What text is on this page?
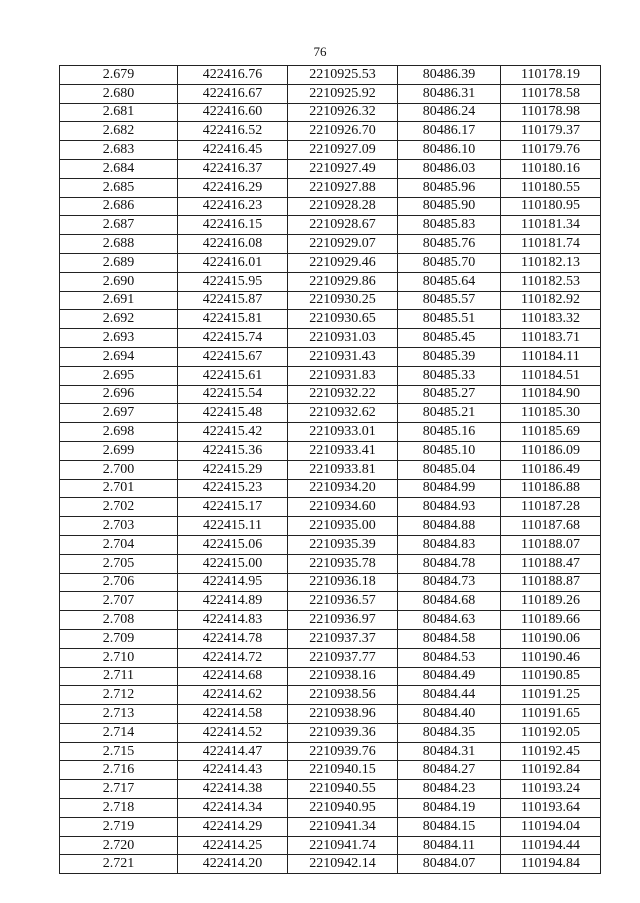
76
2.679	422416.76	2210925.53	80486.39	110178.19
2.680	422416.67	2210925.92	80486.31	110178.58
2.681	422416.60	2210926.32	80486.24	110178.98
2.682	422416.52	2210926.70	80486.17	110179.37
2.683	422416.45	2210927.09	80486.10	110179.76
2.684	422416.37	2210927.49	80486.03	110180.16
2.685	422416.29	2210927.88	80485.96	110180.55
2.686	422416.23	2210928.28	80485.90	110180.95
2.687	422416.15	2210928.67	80485.83	110181.34
2.688	422416.08	2210929.07	80485.76	110181.74
2.689	422416.01	2210929.46	80485.70	110182.13
2.690	422415.95	2210929.86	80485.64	110182.53
2.691	422415.87	2210930.25	80485.57	110182.92
2.692	422415.81	2210930.65	80485.51	110183.32
2.693	422415.74	2210931.03	80485.45	110183.71
2.694	422415.67	2210931.43	80485.39	110184.11
2.695	422415.61	2210931.83	80485.33	110184.51
2.696	422415.54	2210932.22	80485.27	110184.90
2.697	422415.48	2210932.62	80485.21	110185.30
2.698	422415.42	2210933.01	80485.16	110185.69
2.699	422415.36	2210933.41	80485.10	110186.09
2.700	422415.29	2210933.81	80485.04	110186.49
2.701	422415.23	2210934.20	80484.99	110186.88
2.702	422415.17	2210934.60	80484.93	110187.28
2.703	422415.11	2210935.00	80484.88	110187.68
2.704	422415.06	2210935.39	80484.83	110188.07
2.705	422415.00	2210935.78	80484.78	110188.47
2.706	422414.95	2210936.18	80484.73	110188.87
2.707	422414.89	2210936.57	80484.68	110189.26
2.708	422414.83	2210936.97	80484.63	110189.66
2.709	422414.78	2210937.37	80484.58	110190.06
2.710	422414.72	2210937.77	80484.53	110190.46
2.711	422414.68	2210938.16	80484.49	110190.85
2.712	422414.62	2210938.56	80484.44	110191.25
2.713	422414.58	2210938.96	80484.40	110191.65
2.714	422414.52	2210939.36	80484.35	110192.05
2.715	422414.47	2210939.76	80484.31	110192.45
2.716	422414.43	2210940.15	80484.27	110192.84
2.717	422414.38	2210940.55	80484.23	110193.24
2.718	422414.34	2210940.95	80484.19	110193.64
2.719	422414.29	2210941.34	80484.15	110194.04
2.720	422414.25	2210941.74	80484.11	110194.44
2.721	422414.20	2210942.14	80484.07	110194.84
